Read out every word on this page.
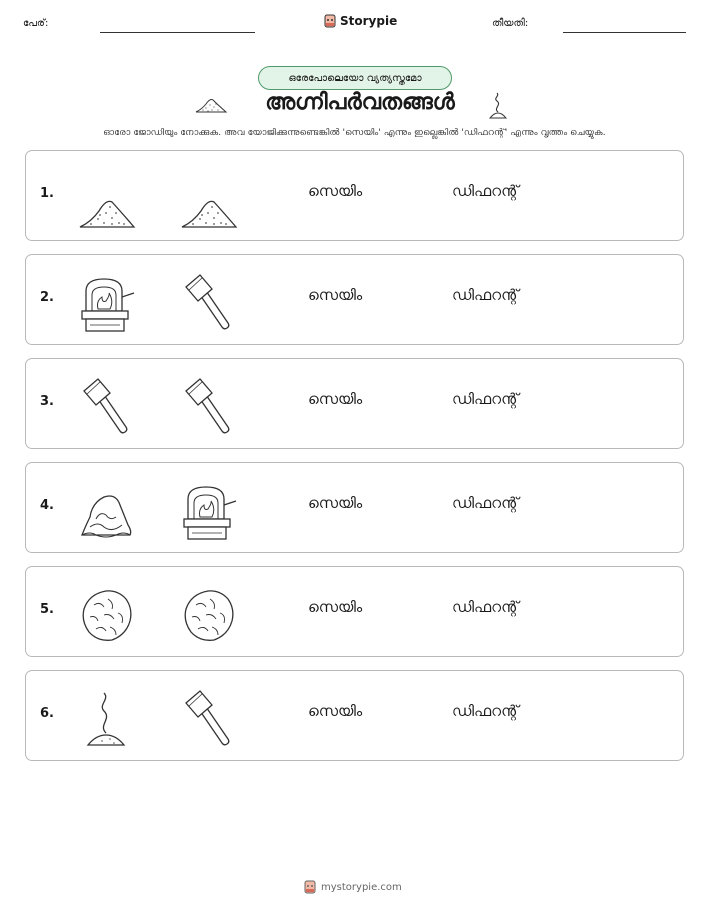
പേര്:	Storypie	തീയതി:
ഒരേപോലെയോ വ്യത്യസ്തമോ
അഗ്നിപർവതങ്ങൾ
ഓരോ ജോഡിയും നോക്കുക. അവ യോജിക്കുന്നുണ്ടെങ്കിൽ 'സെയിം' എന്നും ഇല്ലെങ്കിൽ 'ഡിഫറന്റ്' എന്നും വൃത്തം ചെയ്യുക.
1.	സെയിം	ഡിഫറന്റ്
2.	സെയിം	ഡിഫറന്റ്
3.	സെയിം	ഡിഫറന്റ്
4.	സെയിം	ഡിഫറന്റ്
5.	സെയിം	ഡിഫറന്റ്
6.	സെയിം	ഡിഫറന്റ്
mystorypie.com
